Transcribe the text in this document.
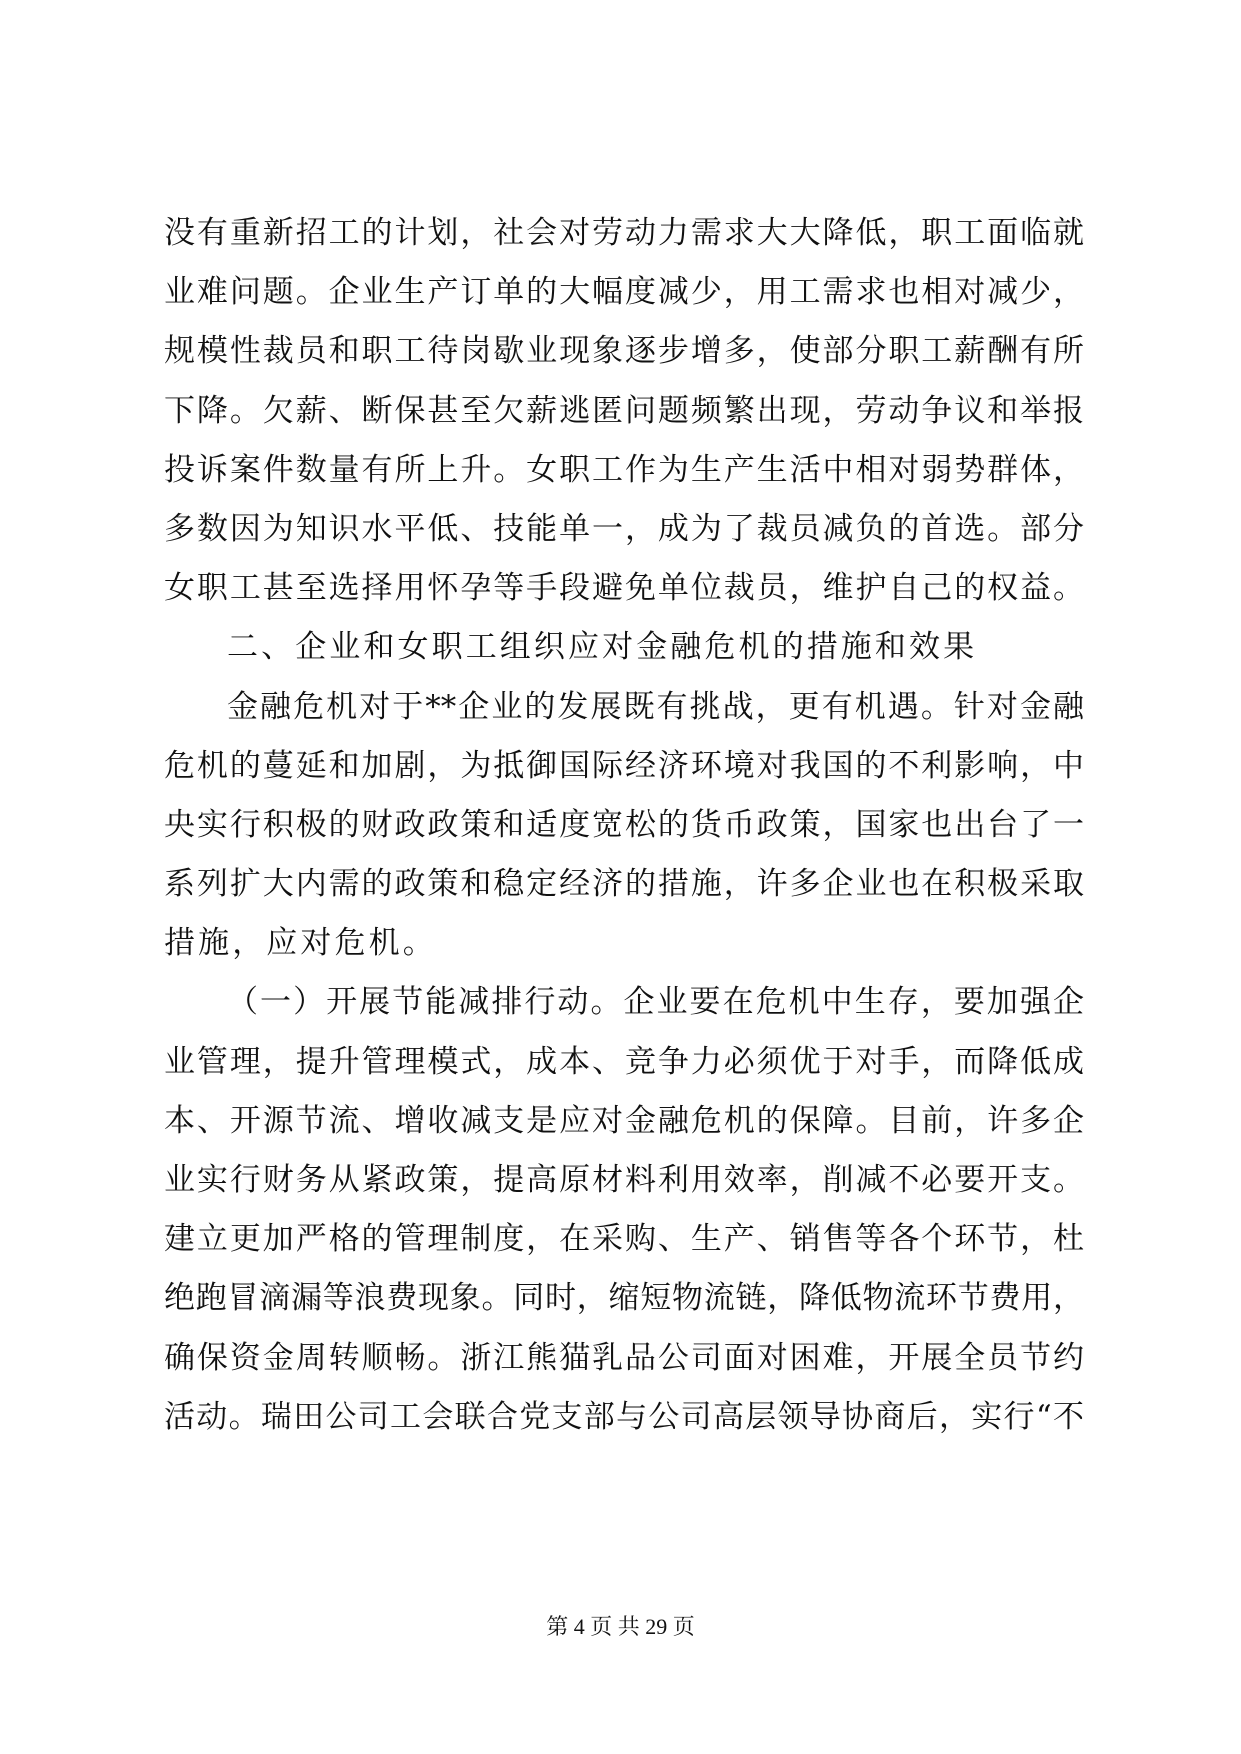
没有重新招工的计划，社会对劳动力需求大大降低，职工面临就
业难问题。企业生产订单的大幅度减少，用工需求也相对减少，
规模性裁员和职工待岗歇业现象逐步增多，使部分职工薪酬有所
下降。欠薪、断保甚至欠薪逃匿问题频繁出现，劳动争议和举报
投诉案件数量有所上升。女职工作为生产生活中相对弱势群体，
多数因为知识水平低、技能单一，成为了裁员减负的首选。部分
女职工甚至选择用怀孕等手段避免单位裁员，维护自己的权益。
二、企业和女职工组织应对金融危机的措施和效果
金融危机对于**企业的发展既有挑战，更有机遇。针对金融
危机的蔓延和加剧，为抵御国际经济环境对我国的不利影响，中
央实行积极的财政政策和适度宽松的货币政策，国家也出台了一
系列扩大内需的政策和稳定经济的措施，许多企业也在积极采取
措施，应对危机。
（一）开展节能减排行动。企业要在危机中生存，要加强企
业管理，提升管理模式，成本、竞争力必须优于对手，而降低成
本、开源节流、增收减支是应对金融危机的保障。目前，许多企
业实行财务从紧政策，提高原材料利用效率，削减不必要开支。
建立更加严格的管理制度，在采购、生产、销售等各个环节，杜
绝跑冒滴漏等浪费现象。同时，缩短物流链，降低物流环节费用，
确保资金周转顺畅。浙江熊猫乳品公司面对困难，开展全员节约
活动。瑞田公司工会联合党支部与公司高层领导协商后，实行“不
第 4 页 共 29 页
